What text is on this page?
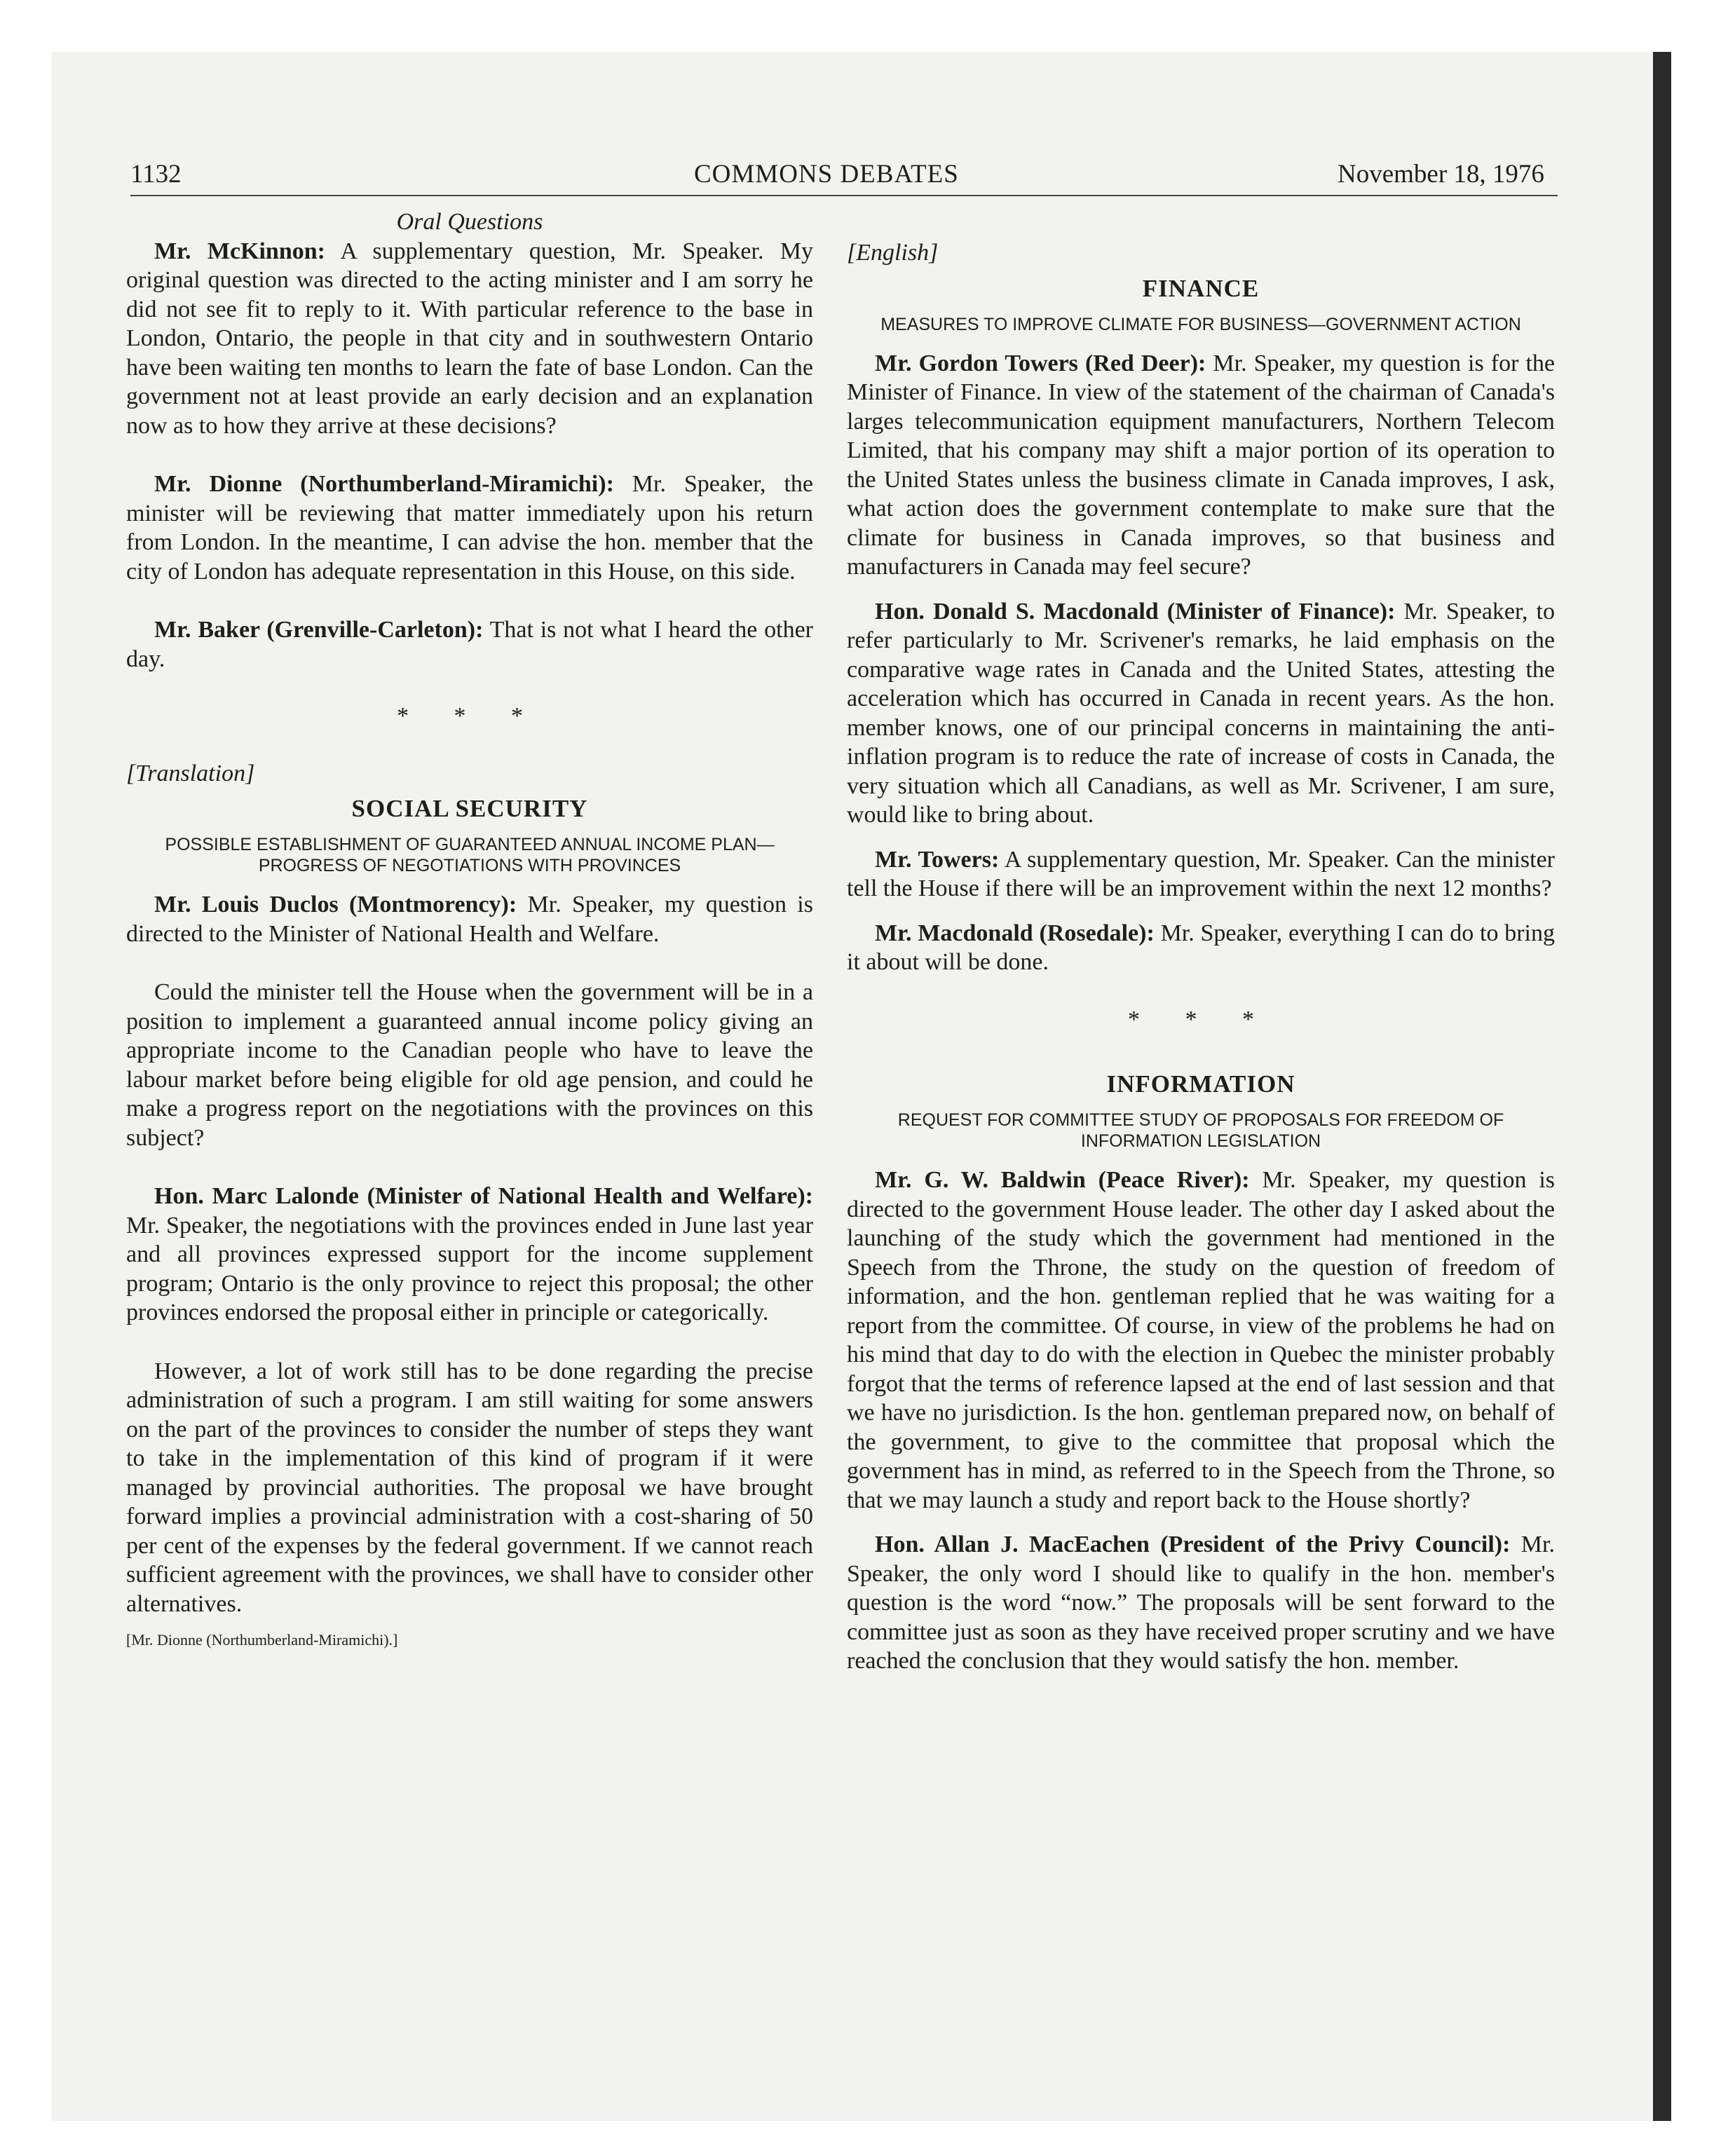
1132	COMMONS DEBATES	November 18, 1976
Oral Questions

Mr. McKinnon: A supplementary question, Mr. Speaker. My original question was directed to the acting minister and I am sorry he did not see fit to reply to it. With particular reference to the base in London, Ontario, the people in that city and in southwestern Ontario have been waiting ten months to learn the fate of base London. Can the government not at least provide an early decision and an explanation now as to how they arrive at these decisions?

Mr. Dionne (Northumberland-Miramichi): Mr. Speaker, the minister will be reviewing that matter immediately upon his return from London. In the meantime, I can advise the hon. member that the city of London has adequate representation in this House, on this side.

Mr. Baker (Grenville-Carleton): That is not what I heard the other day.

* * *
[Translation]
SOCIAL SECURITY
POSSIBLE ESTABLISHMENT OF GUARANTEED ANNUAL INCOME PLAN—PROGRESS OF NEGOTIATIONS WITH PROVINCES

Mr. Louis Duclos (Montmorency): Mr. Speaker, my question is directed to the Minister of National Health and Welfare.

Could the minister tell the House when the government will be in a position to implement a guaranteed annual income policy giving an appropriate income to the Canadian people who have to leave the labour market before being eligible for old age pension, and could he make a progress report on the negotiations with the provinces on this subject?

Hon. Marc Lalonde (Minister of National Health and Welfare): Mr. Speaker, the negotiations with the provinces ended in June last year and all provinces expressed support for the income supplement program; Ontario is the only province to reject this proposal; the other provinces endorsed the proposal either in principle or categorically.

However, a lot of work still has to be done regarding the precise administration of such a program. I am still waiting for some answers on the part of the provinces to consider the number of steps they want to take in the implementation of this kind of program if it were managed by provincial authorities. The proposal we have brought forward implies a provincial administration with a cost-sharing of 50 per cent of the expenses by the federal government. If we cannot reach sufficient agreement with the provinces, we shall have to consider other alternatives.

[Mr. Dionne (Northumberland-Miramichi).]
[English]
FINANCE
MEASURES TO IMPROVE CLIMATE FOR BUSINESS—GOVERNMENT ACTION

Mr. Gordon Towers (Red Deer): Mr. Speaker, my question is for the Minister of Finance. In view of the statement of the chairman of Canada's larges telecommunication equipment manufacturers, Northern Telecom Limited, that his company may shift a major portion of its operation to the United States unless the business climate in Canada improves, I ask, what action does the government contemplate to make sure that the climate for business in Canada improves, so that business and manufacturers in Canada may feel secure?

Hon. Donald S. Macdonald (Minister of Finance): Mr. Speaker, to refer particularly to Mr. Scrivener's remarks, he laid emphasis on the comparative wage rates in Canada and the United States, attesting the acceleration which has occurred in Canada in recent years. As the hon. member knows, one of our principal concerns in maintaining the anti-inflation program is to reduce the rate of increase of costs in Canada, the very situation which all Canadians, as well as Mr. Scrivener, I am sure, would like to bring about.

Mr. Towers: A supplementary question, Mr. Speaker. Can the minister tell the House if there will be an improvement within the next 12 months?

Mr. Macdonald (Rosedale): Mr. Speaker, everything I can do to bring it about will be done.

* * *
INFORMATION
REQUEST FOR COMMITTEE STUDY OF PROPOSALS FOR FREEDOM OF INFORMATION LEGISLATION

Mr. G. W. Baldwin (Peace River): Mr. Speaker, my question is directed to the government House leader. The other day I asked about the launching of the study which the government had mentioned in the Speech from the Throne, the study on the question of freedom of information, and the hon. gentleman replied that he was waiting for a report from the committee. Of course, in view of the problems he had on his mind that day to do with the election in Quebec the minister probably forgot that the terms of reference lapsed at the end of last session and that we have no jurisdiction. Is the hon. gentleman prepared now, on behalf of the government, to give to the committee that proposal which the government has in mind, as referred to in the Speech from the Throne, so that we may launch a study and report back to the House shortly?

Hon. Allan J. MacEachen (President of the Privy Council): Mr. Speaker, the only word I should like to qualify in the hon. member's question is the word “now.” The proposals will be sent forward to the committee just as soon as they have received proper scrutiny and we have reached the conclusion that they would satisfy the hon. member.
